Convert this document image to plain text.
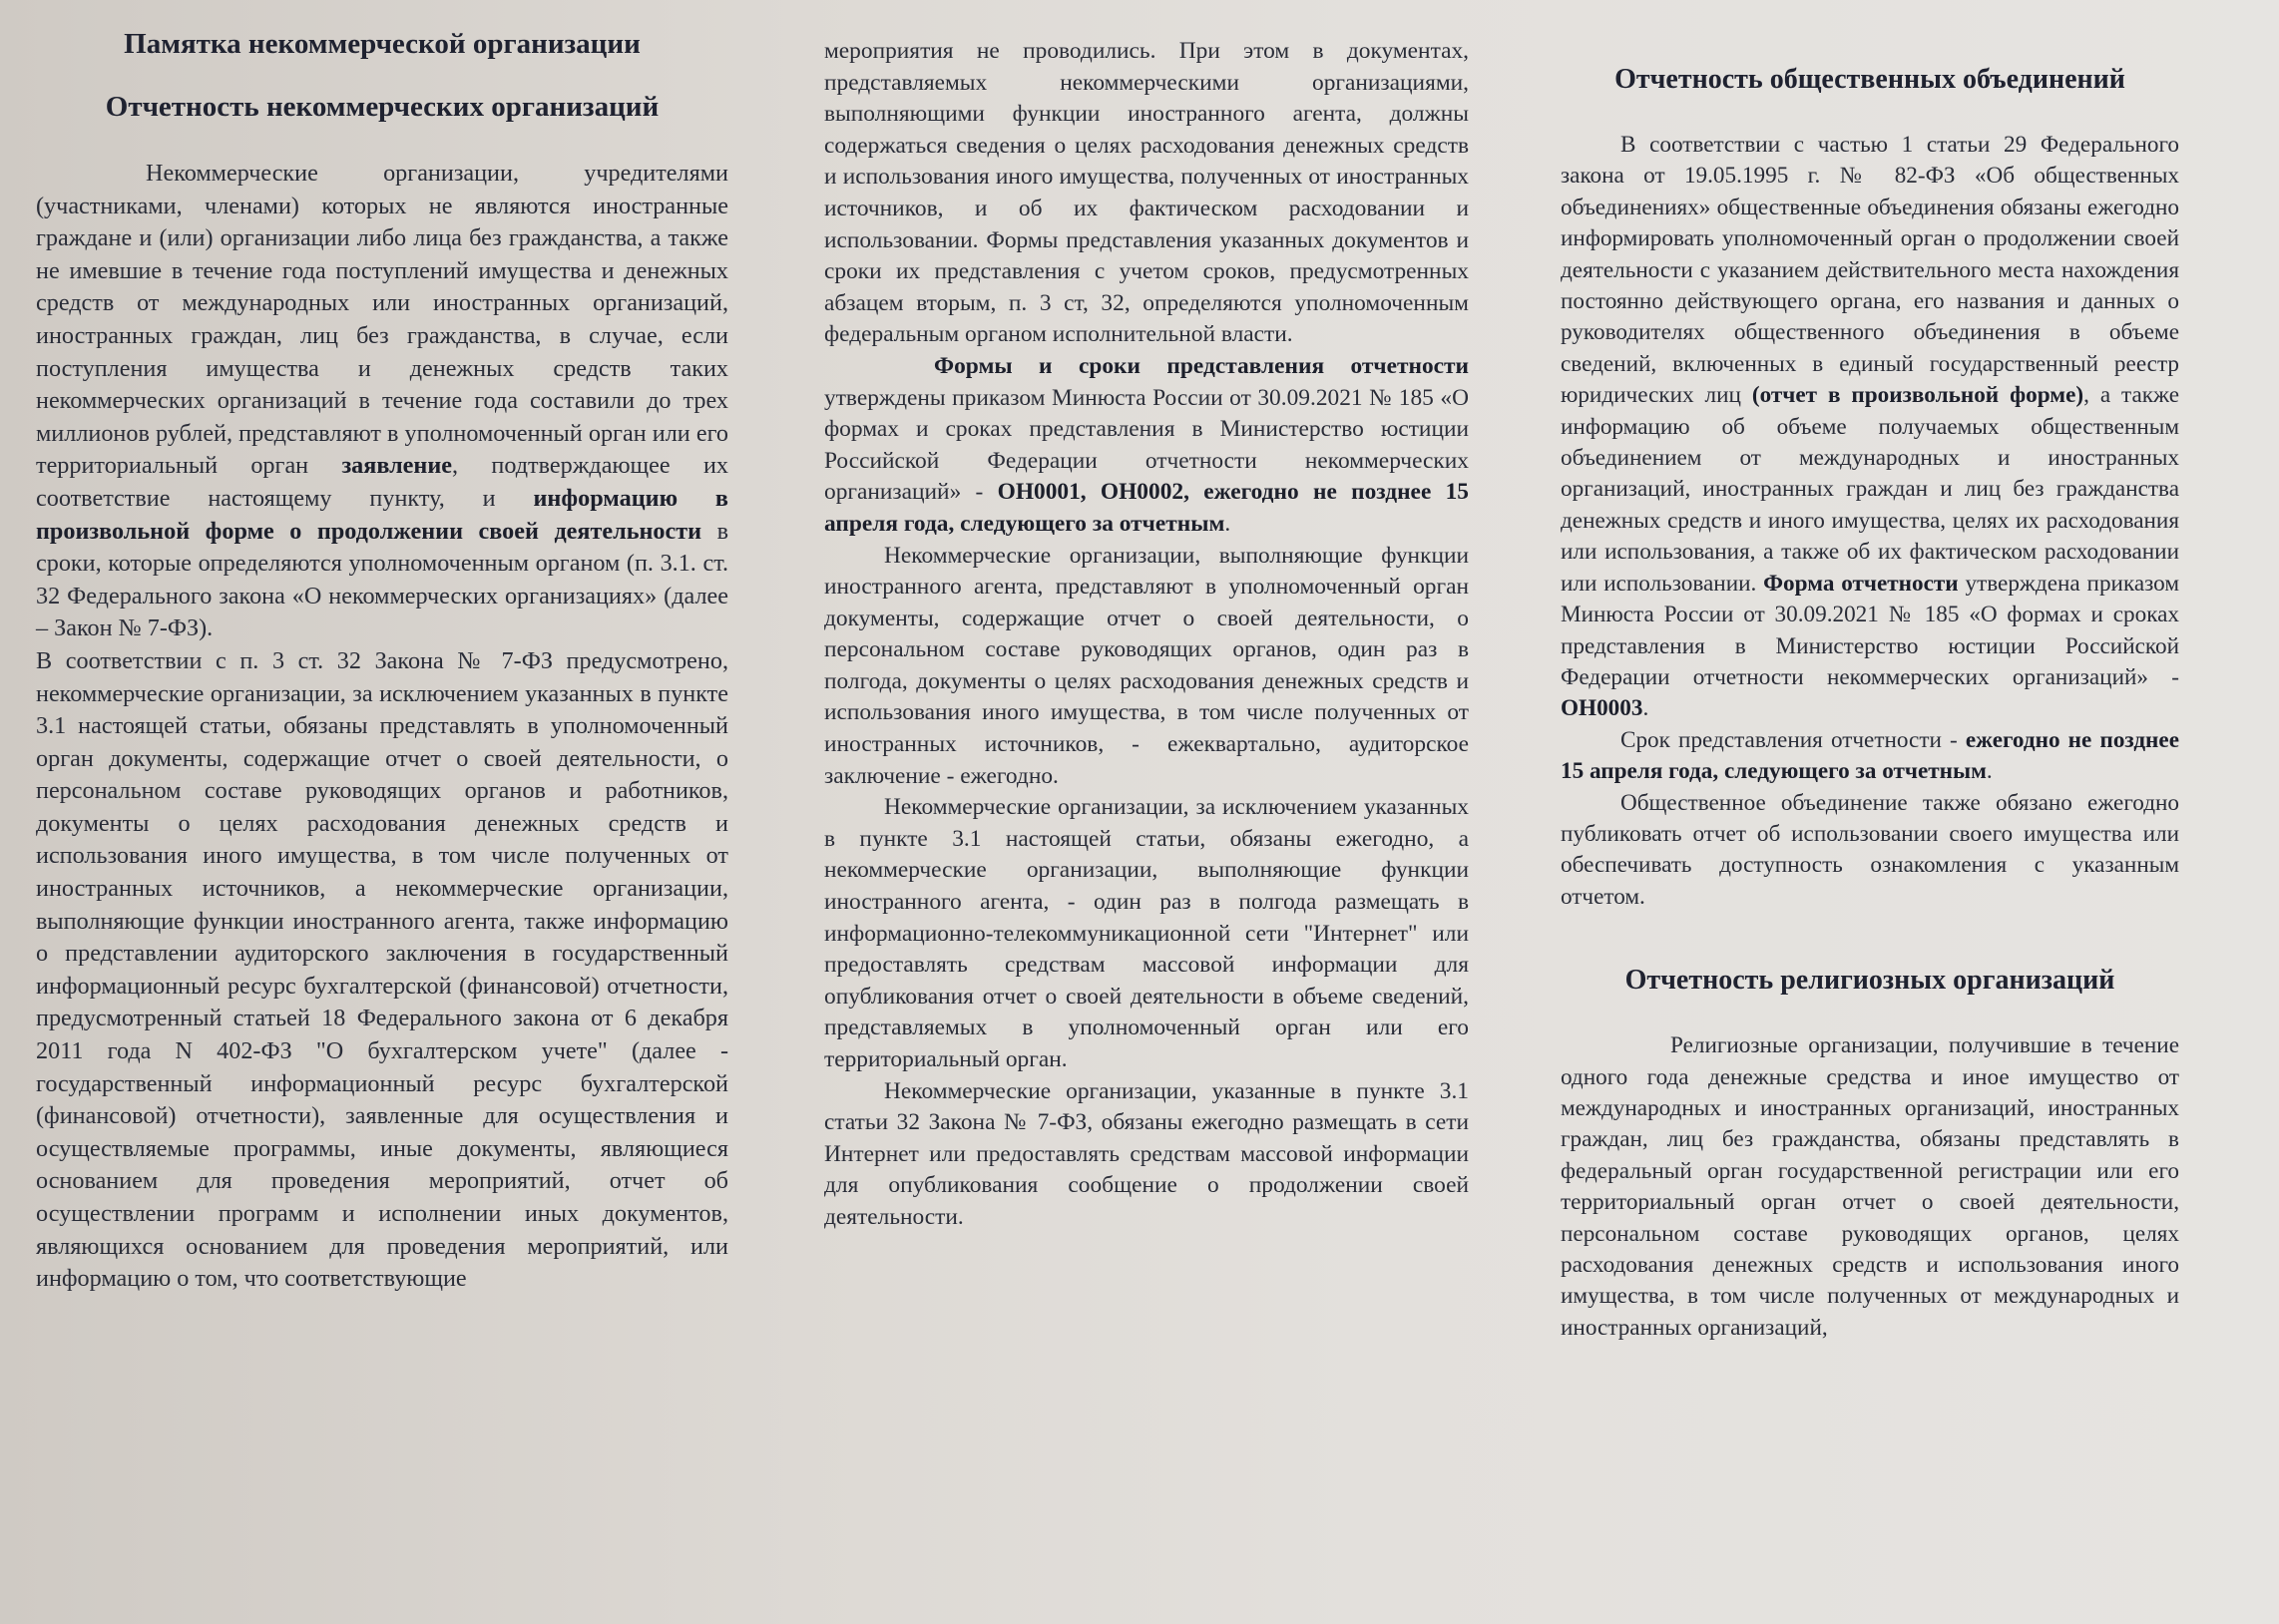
Памятка некоммерческой организации
Отчетность некоммерческих организаций

Некоммерческие организации, учредителями (участниками, членами) которых не являются иностранные граждане и (или) организации либо лица без гражданства, а также не имевшие в течение года поступлений имущества и денежных средств от международных или иностранных организаций, иностранных граждан, лиц без гражданства, в случае, если поступления имущества и денежных средств таких некоммерческих организаций в течение года составили до трех миллионов рублей, представляют в уполномоченный орган или его территориальный орган заявление, подтверждающее их соответствие настоящему пункту, и информацию в произвольной форме о продолжении своей деятельности в сроки, которые определяются уполномоченным органом (п. 3.1. ст. 32 Федерального закона «О некоммерческих организациях» (далее – Закон № 7-ФЗ).

В соответствии с п. 3 ст. 32 Закона № 7-ФЗ предусмотрено, некоммерческие организации, за исключением указанных в пункте 3.1 настоящей статьи, обязаны представлять в уполномоченный орган документы, содержащие отчет о своей деятельности, о персональном составе руководящих органов и работников, документы о целях расходования денежных средств и использования иного имущества, в том числе полученных от иностранных источников, а некоммерческие организации, выполняющие функции иностранного агента, также информацию о представлении аудиторского заключения в государственный информационный ресурс бухгалтерской (финансовой) отчетности, предусмотренный статьей 18 Федерального закона от 6 декабря 2011 года N 402-ФЗ "О бухгалтерском учете" (далее - государственный информационный ресурс бухгалтерской (финансовой) отчетности), заявленные для осуществления и осуществляемые программы, иные документы, являющиеся основанием для проведения мероприятий, отчет об осуществлении программ и исполнении иных документов, являющихся основанием для проведения мероприятий, или информацию о том, что соответствующие

мероприятия не проводились. При этом в документах, представляемых некоммерческими организациями, выполняющими функции иностранного агента, должны содержаться сведения о целях расходования денежных средств и использования иного имущества, полученных от иностранных источников, и об их фактическом расходовании и использовании. Формы представления указанных документов и сроки их представления с учетом сроков, предусмотренных абзацем вторым, п. 3 ст, 32, определяются уполномоченным федеральным органом исполнительной власти.

Формы и сроки представления отчетности утверждены приказом Минюста России от 30.09.2021 № 185 «О формах и сроках представления в Министерство юстиции Российской Федерации отчетности некоммерческих организаций» - ОН0001, ОН0002, ежегодно не позднее 15 апреля года, следующего за отчетным.

Некоммерческие организации, выполняющие функции иностранного агента, представляют в уполномоченный орган документы, содержащие отчет о своей деятельности, о персональном составе руководящих органов, один раз в полгода, документы о целях расходования денежных средств и использования иного имущества, в том числе полученных от иностранных источников, - ежеквартально, аудиторское заключение - ежегодно.

Некоммерческие организации, за исключением указанных в пункте 3.1 настоящей статьи, обязаны ежегодно, а некоммерческие организации, выполняющие функции иностранного агента, - один раз в полгода размещать в информационно-телекоммуникационной сети "Интернет" или предоставлять средствам массовой информации для опубликования отчет о своей деятельности в объеме сведений, представляемых в уполномоченный орган или его территориальный орган.

Некоммерческие организации, указанные в пункте 3.1 статьи 32 Закона № 7-ФЗ, обязаны ежегодно размещать в сети Интернет или предоставлять средствам массовой информации для опубликования сообщение о продолжении своей деятельности.

Отчетность общественных объединений

В соответствии с частью 1 статьи 29 Федерального закона от 19.05.1995 г. № 82-ФЗ «Об общественных объединениях» общественные объединения обязаны ежегодно информировать уполномоченный орган о продолжении своей деятельности с указанием действительного места нахождения постоянно действующего органа, его названия и данных о руководителях общественного объединения в объеме сведений, включенных в единый государственный реестр юридических лиц (отчет в произвольной форме), а также информацию об объеме получаемых общественным объединением от международных и иностранных организаций, иностранных граждан и лиц без гражданства денежных средств и иного имущества, целях их расходования или использования, а также об их фактическом расходовании или использовании. Форма отчетности утверждена приказом Минюста России от 30.09.2021 № 185 «О формах и сроках представления в Министерство юстиции Российской Федерации отчетности некоммерческих организаций» - ОН0003.

Срок представления отчетности - ежегодно не позднее 15 апреля года, следующего за отчетным.

Общественное объединение также обязано ежегодно публиковать отчет об использовании своего имущества или обеспечивать доступность ознакомления с указанным отчетом.

Отчетность религиозных организаций

Религиозные организации, получившие в течение одного года денежные средства и иное имущество от международных и иностранных организаций, иностранных граждан, лиц без гражданства, обязаны представлять в федеральный орган государственной регистрации или его территориальный орган отчет о своей деятельности, персональном составе руководящих органов, целях расходования денежных средств и использования иного имущества, в том числе полученных от международных и иностранных организаций,
